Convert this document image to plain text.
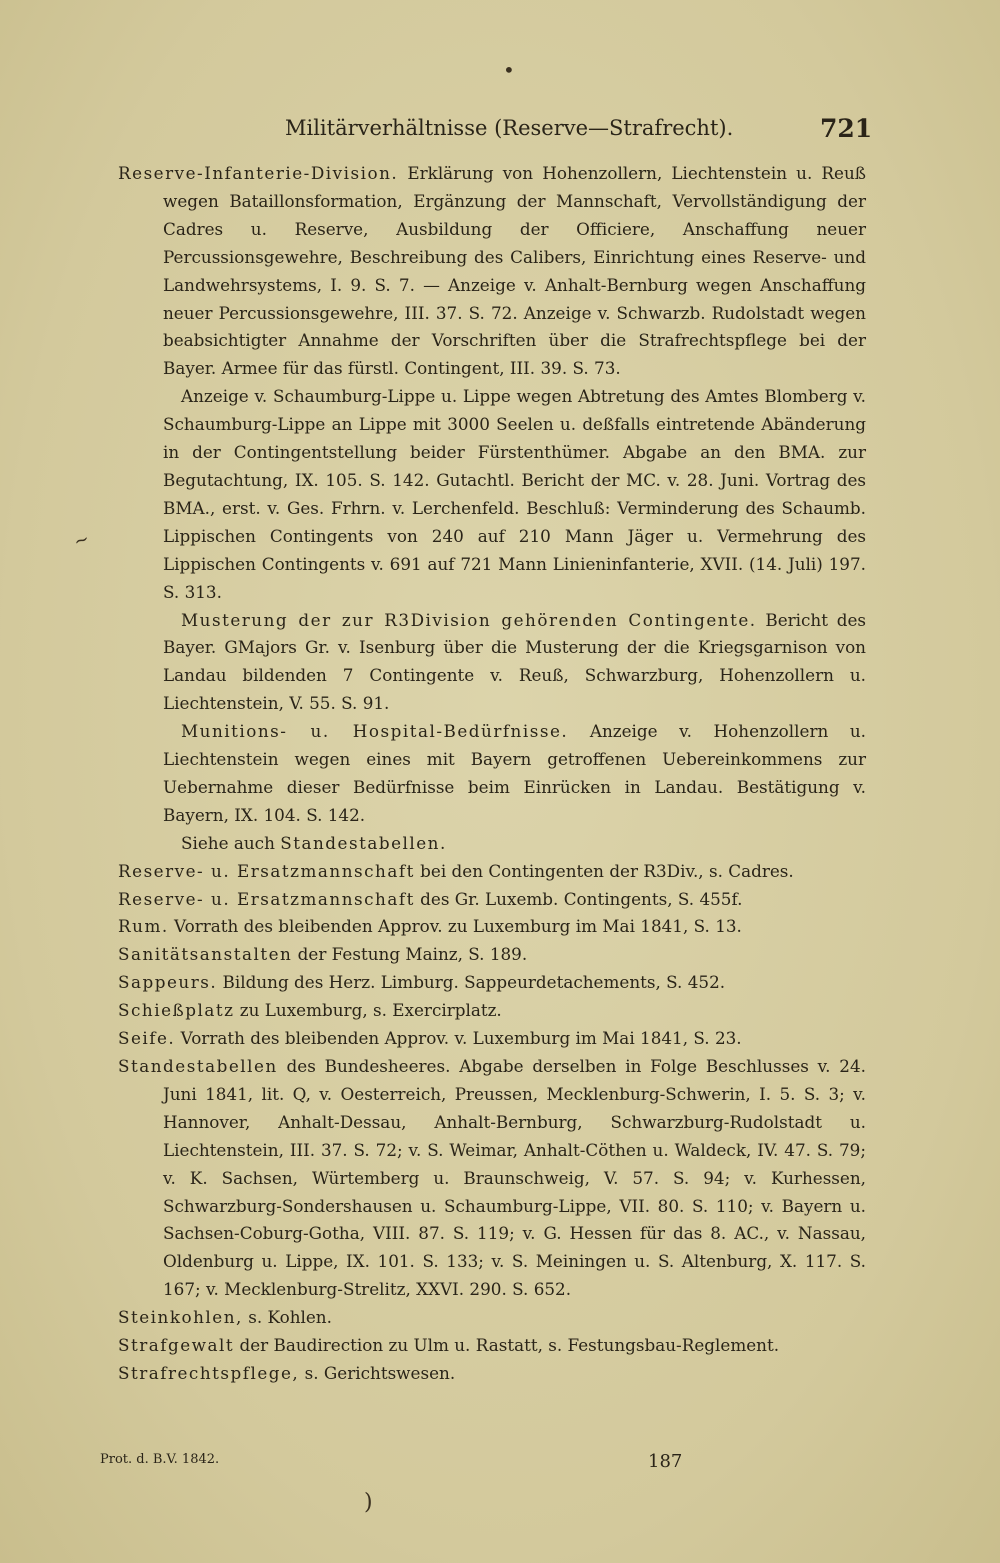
•
Militärverhältnisse (Reserve—Strafrecht).	721

Reserve-Infanterie-Division. Erklärung von Hohenzollern, Liechtenstein u. Reuß wegen Bataillonsformation, Ergänzung der Mannschaft, Vervollständigung der Cadres u. Reserve, Ausbildung der Officiere, Anschaffung neuer Percussionsgewehre, Beschreibung des Calibers, Einrichtung eines Reserve- und Landwehrsystems, I. 9. S. 7. — Anzeige v. Anhalt-Bernburg wegen Anschaffung neuer Percussionsgewehre, III. 37. S. 72. Anzeige v. Schwarzb. Rudolstadt wegen beabsichtigter Annahme der Vorschriften über die Strafrechtspflege bei der Bayer. Armee für das fürstl. Contingent, III. 39. S. 73.

Anzeige v. Schaumburg-Lippe u. Lippe wegen Abtretung des Amtes Blomberg v. Schaumburg-Lippe an Lippe mit 3000 Seelen u. deßfalls eintretende Abänderung in der Contingentstellung beider Fürstenthümer. Abgabe an den BMA. zur Begutachtung, IX. 105. S. 142. Gutachtl. Bericht der MC. v. 28. Juni. Vortrag des BMA., erst. v. Ges. Frhrn. v. Lerchenfeld. Beschluß: Verminderung des Schaumb. Lippischen Contingents von 240 auf 210 Mann Jäger u. Vermehrung des Lippischen Contingents v. 691 auf 721 Mann Linieninfanterie, XVII. (14. Juli) 197. S. 313.

Musterung der zur R3Division gehörenden Contingente. Bericht des Bayer. GMajors Gr. v. Isenburg über die Musterung der die Kriegsgarnison von Landau bildenden 7 Contingente v. Reuß, Schwarzburg, Hohenzollern u. Liechtenstein, V. 55. S. 91.

Munitions- u. Hospital-Bedürfnisse. Anzeige v. Hohenzollern u. Liechtenstein wegen eines mit Bayern getroffenen Uebereinkommens zur Uebernahme dieser Bedürfnisse beim Einrücken in Landau. Bestätigung v. Bayern, IX. 104. S. 142.

Siehe auch Standestabellen.

Reserve- u. Ersatzmannschaft bei den Contingenten der R3Div., s. Cadres.

Reserve- u. Ersatzmannschaft des Gr. Luxemb. Contingents, S. 455f.

Rum. Vorrath des bleibenden Approv. zu Luxemburg im Mai 1841, S. 13.

Sanitätsanstalten der Festung Mainz, S. 189.

Sappeurs. Bildung des Herz. Limburg. Sappeurdetachements, S. 452.

Schießplatz zu Luxemburg, s. Exercirplatz.

Seife. Vorrath des bleibenden Approv. v. Luxemburg im Mai 1841, S. 23.

Standestabellen des Bundesheeres. Abgabe derselben in Folge Beschlusses v. 24. Juni 1841, lit. Q, v. Oesterreich, Preussen, Mecklenburg-Schwerin, I. 5. S. 3; v. Hannover, Anhalt-Dessau, Anhalt-Bernburg, Schwarzburg-Rudolstadt u. Liechtenstein, III. 37. S. 72; v. S. Weimar, Anhalt-Cöthen u. Waldeck, IV. 47. S. 79; v. K. Sachsen, Würtemberg u. Braunschweig, V. 57. S. 94; v. Kurhessen, Schwarzburg-Sondershausen u. Schaumburg-Lippe, VII. 80. S. 110; v. Bayern u. Sachsen-Coburg-Gotha, VIII. 87. S. 119; v. G. Hessen für das 8. AC., v. Nassau, Oldenburg u. Lippe, IX. 101. S. 133; v. S. Meiningen u. S. Altenburg, X. 117. S. 167; v. Mecklenburg-Strelitz, XXVI. 290. S. 652.

Steinkohlen, s. Kohlen.

Strafgewalt der Baudirection zu Ulm u. Rastatt, s. Festungsbau-Reglement.

Strafrechtspflege, s. Gerichtswesen.

~
Prot. d. B.V. 1842.	187
)
